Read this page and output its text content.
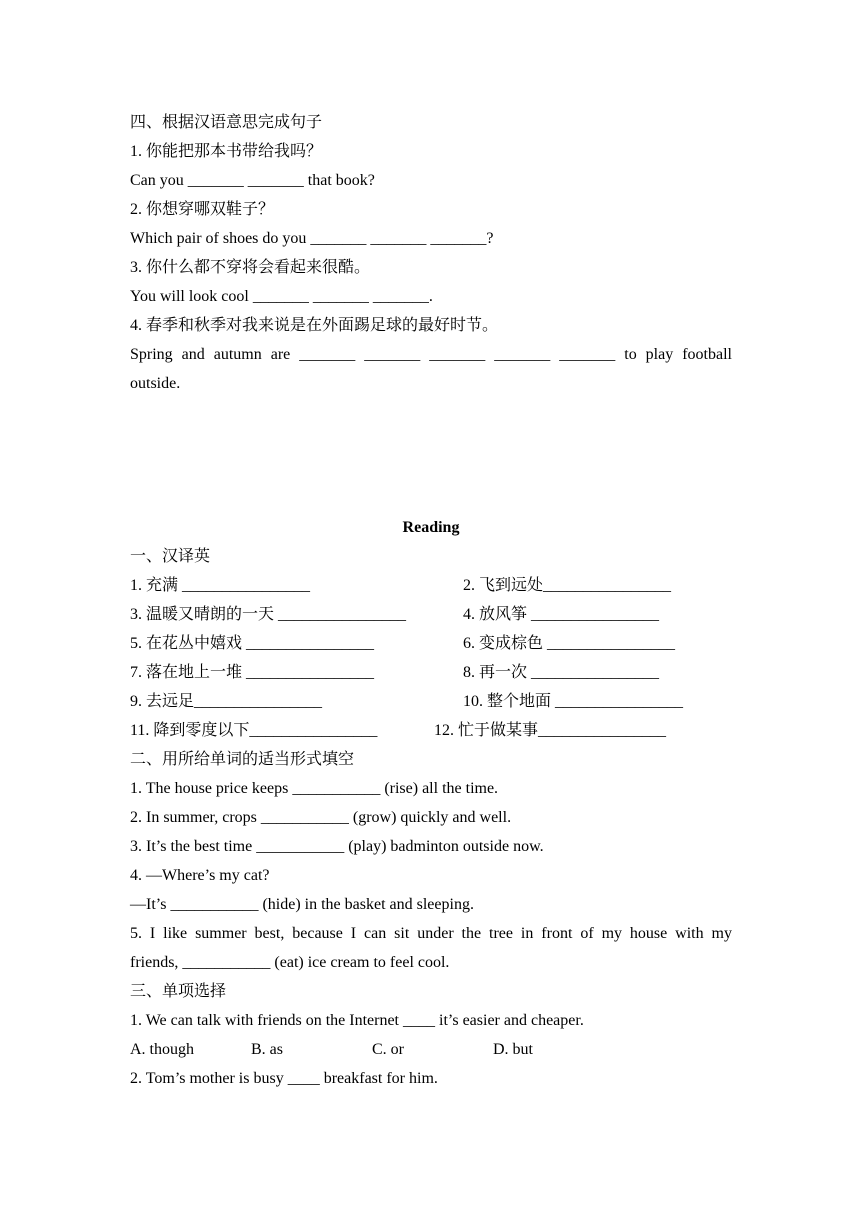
四、根据汉语意思完成句子
1. 你能把那本书带给我吗？
Can you _______ _______ that book?
2. 你想穿哪双鞋子？
Which pair of shoes do you _______ _______ _______?
3. 你什么都不穿将会看起来很酷。
You will look cool _______ _______ _______.
4. 春季和秋季对我来说是在外面踢足球的最好时节。
Spring and autumn are _______ _______ _______ _______ _______ to play football
outside.
Reading
一、汉译英
1. 充满 ________________	2. 飞到远处________________
3. 温暖又晴朗的一天 ________________	4. 放风筝 ________________
5. 在花丛中嬉戏 ________________	6. 变成棕色 ________________
7. 落在地上一堆 ________________	8. 再一次 ________________
9. 去远足________________	10. 整个地面 ________________
11. 降到零度以下________________	12. 忙于做某事________________
二、用所给单词的适当形式填空
1. The house price keeps ___________ (rise) all the time.
2. In summer, crops ___________ (grow) quickly and well.
3. It’s the best time ___________ (play) badminton outside now.
4. —Where’s my cat?
—It’s ___________ (hide) in the basket and sleeping.
5. I like summer best, because I can sit under the tree in front of my house with my
friends, ___________ (eat) ice cream to feel cool.
三、单项选择
1. We can talk with friends on the Internet ____ it’s easier and cheaper.
A. though	B. as	C. or	D. but
2. Tom’s mother is busy ____ breakfast for him.
